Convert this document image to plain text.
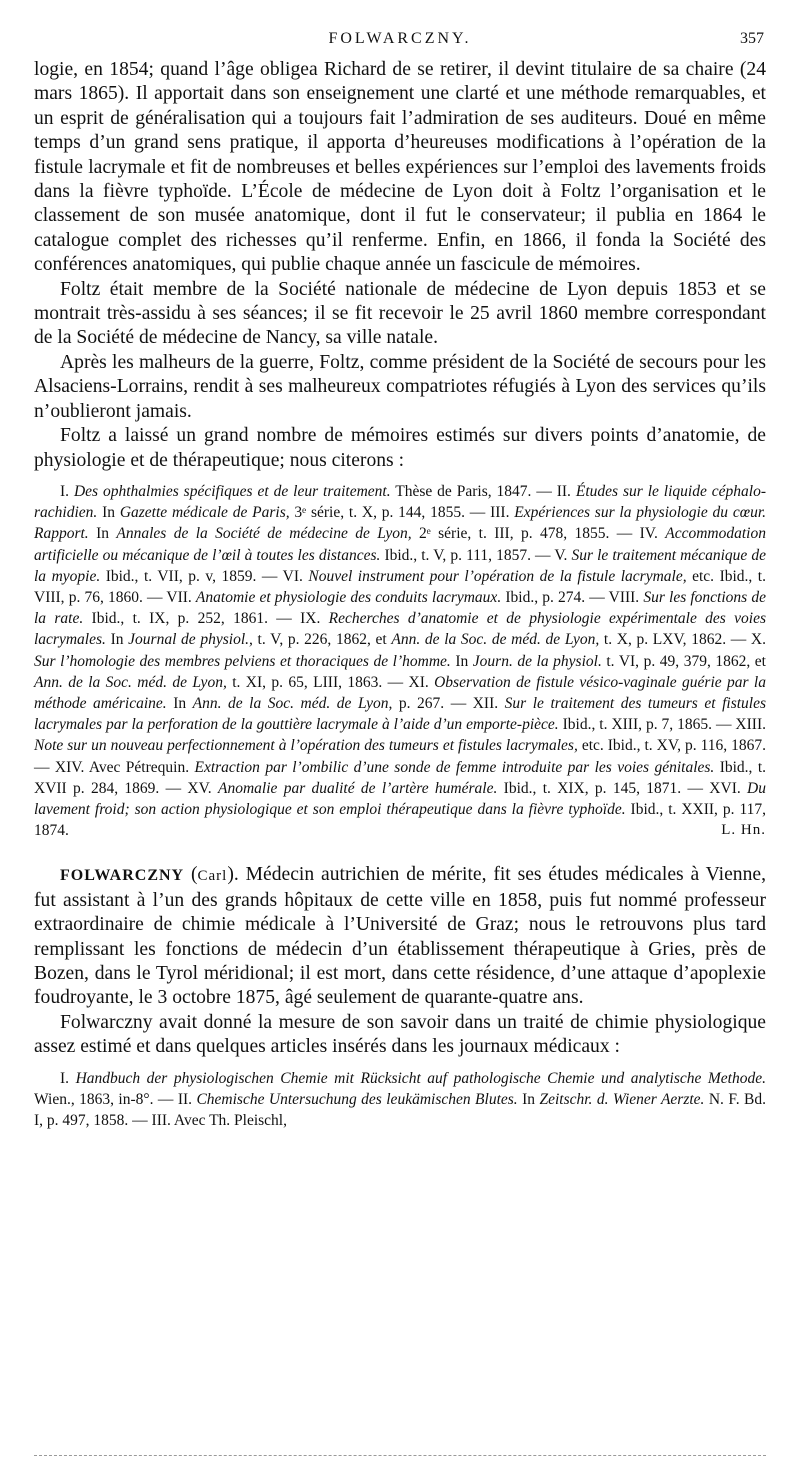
FOLWARCZNY.	357

logie, en 1854; quand l’âge obligea Richard de se retirer, il devint titulaire de sa chaire (24 mars 1865). Il apportait dans son enseignement une clarté et une méthode remarquables, et un esprit de généralisation qui a toujours fait l’admiration de ses auditeurs. Doué en même temps d’un grand sens pratique, il apporta d’heureuses modifications à l’opération de la fistule lacrymale et fit de nombreuses et belles expériences sur l’emploi des lavements froids dans la fièvre typhoïde. L’École de médecine de Lyon doit à Foltz l’organisation et le classement de son musée anatomique, dont il fut le conservateur; il publia en 1864 le catalogue complet des richesses qu’il renferme. Enfin, en 1866, il fonda la Société des conférences anatomiques, qui publie chaque année un fascicule de mémoires.

Foltz était membre de la Société nationale de médecine de Lyon depuis 1853 et se montrait très-assidu à ses séances; il se fit recevoir le 25 avril 1860 membre correspondant de la Société de médecine de Nancy, sa ville natale.

Après les malheurs de la guerre, Foltz, comme président de la Société de secours pour les Alsaciens-Lorrains, rendit à ses malheureux compatriotes réfugiés à Lyon des services qu’ils n’oublieront jamais.

Foltz a laissé un grand nombre de mémoires estimés sur divers points d’anatomie, de physiologie et de thérapeutique; nous citerons :

I. Des ophthalmies spécifiques et de leur traitement. Thèse de Paris, 1847. — II. Études sur le liquide céphalo-rachidien. In Gazette médicale de Paris, 3ᵉ série, t. X, p. 144, 1855. — III. Expériences sur la physiologie du cœur. Rapport. In Annales de la Société de médecine de Lyon, 2ᵉ série, t. III, p. 478, 1855. — IV. Accommodation artificielle ou mécanique de l’œil à toutes les distances. Ibid., t. V, p. 111, 1857. — V. Sur le traitement mécanique de la myopie. Ibid., t. VII, p. v, 1859. — VI. Nouvel instrument pour l’opération de la fistule lacrymale, etc. Ibid., t. VIII, p. 76, 1860. — VII. Anatomie et physiologie des conduits lacrymaux. Ibid., p. 274. — VIII. Sur les fonctions de la rate. Ibid., t. IX, p. 252, 1861. — IX. Recherches d’anatomie et de physiologie expérimentale des voies lacrymales. In Journal de physiol., t. V, p. 226, 1862, et Ann. de la Soc. de méd. de Lyon, t. X, p. LXV, 1862. — X. Sur l’homologie des membres pelviens et thoraciques de l’homme. In Journ. de la physiol. t. VI, p. 49, 379, 1862, et Ann. de la Soc. méd. de Lyon, t. XI, p. 65, LIII, 1863. — XI. Observation de fistule vésico-vaginale guérie par la méthode américaine. In Ann. de la Soc. méd. de Lyon, p. 267. — XII. Sur le traitement des tumeurs et fistules lacrymales par la perforation de la gouttière lacrymale à l’aide d’un emporte-pièce. Ibid., t. XIII, p. 7, 1865. — XIII. Note sur un nouveau perfectionnement à l’opération des tumeurs et fistules lacrymales, etc. Ibid., t. XV, p. 116, 1867. — XIV. Avec Pétrequin. Extraction par l’ombilic d’une sonde de femme introduite par les voies génitales. Ibid., t. XVII p. 284, 1869. — XV. Anomalie par dualité de l’artère humérale. Ibid., t. XIX, p. 145, 1871. — XVI. Du lavement froid; son action physiologique et son emploi thérapeutique dans la fièvre typhoïde. Ibid., t. XXII, p. 117, 1874.	L. Hn.

FOLWARCZNY (Carl). Médecin autrichien de mérite, fit ses études médicales à Vienne, fut assistant à l’un des grands hôpitaux de cette ville en 1858, puis fut nommé professeur extraordinaire de chimie médicale à l’Université de Graz; nous le retrouvons plus tard remplissant les fonctions de médecin d’un établissement thérapeutique à Gries, près de Bozen, dans le Tyrol méridional; il est mort, dans cette résidence, d’une attaque d’apoplexie foudroyante, le 3 octobre 1875, âgé seulement de quarante-quatre ans.

Folwarczny avait donné la mesure de son savoir dans un traité de chimie physiologique assez estimé et dans quelques articles insérés dans les journaux médicaux :

I. Handbuch der physiologischen Chemie mit Rücksicht auf pathologische Chemie und analytische Methode. Wien., 1863, in-8°. — II. Chemische Untersuchung des leukämischen Blutes. In Zeitschr. d. Wiener Aerzte. N. F. Bd. I, p. 497, 1858. — III. Avec Th. Pleischl,
